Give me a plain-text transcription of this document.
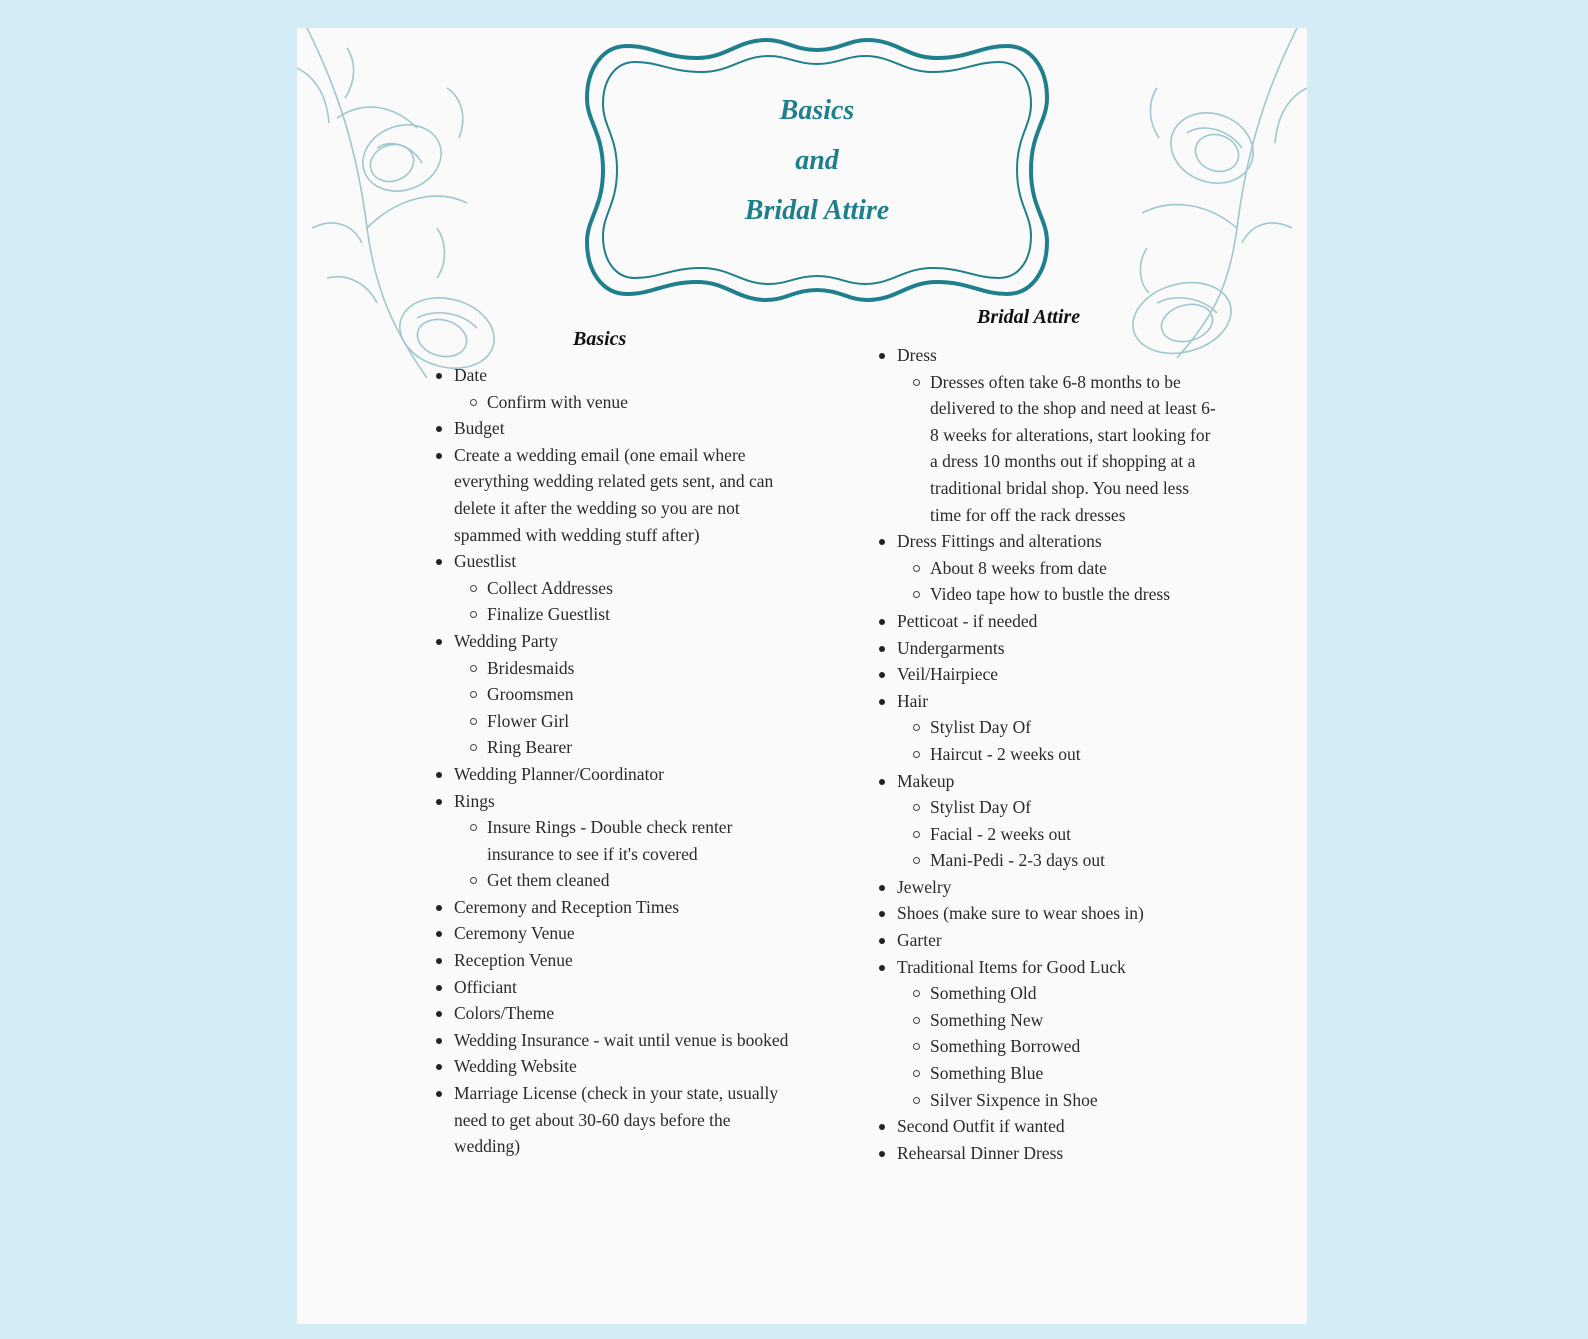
Basics
and
Bridal Attire
Basics
Date
Confirm with venue
Budget
Create a wedding email (one email where everything wedding related gets sent, and can delete it after the wedding so you are not spammed with wedding stuff after)
Guestlist
Collect Addresses
Finalize Guestlist
Wedding Party
Bridesmaids
Groomsmen
Flower Girl
Ring Bearer
Wedding Planner/Coordinator
Rings
Insure Rings - Double check renter insurance to see if it's covered
Get them cleaned
Ceremony and Reception Times
Ceremony Venue
Reception Venue
Officiant
Colors/Theme
Wedding Insurance - wait until venue is booked
Wedding Website
Marriage License (check in your state, usually need to get about 30-60 days before the wedding)
Bridal Attire
Dress
Dresses often take 6-8 months to be delivered to the shop and need at least 6-8 weeks for alterations, start looking for a dress 10 months out if shopping at a traditional bridal shop. You need less time for off the rack dresses
Dress Fittings and alterations
About 8 weeks from date
Video tape how to bustle the dress
Petticoat - if needed
Undergarments
Veil/Hairpiece
Hair
Stylist Day Of
Haircut - 2 weeks out
Makeup
Stylist Day Of
Facial - 2 weeks out
Mani-Pedi - 2-3 days out
Jewelry
Shoes (make sure to wear shoes in)
Garter
Traditional Items for Good Luck
Something Old
Something New
Something Borrowed
Something Blue
Silver Sixpence in Shoe
Second Outfit if wanted
Rehearsal Dinner Dress
